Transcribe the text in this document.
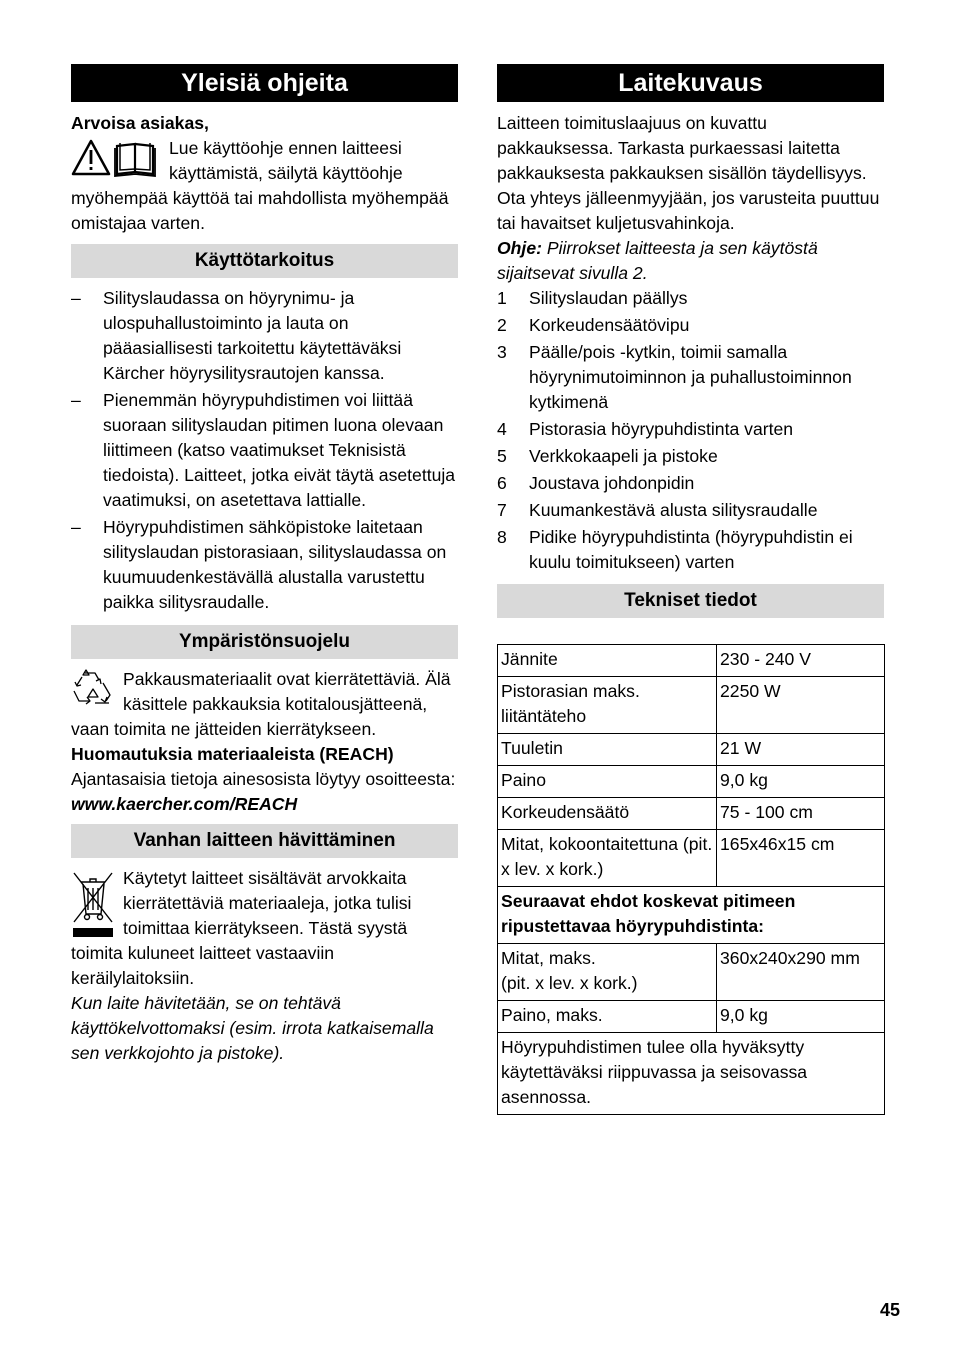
Yleisiä ohjeita

Arvoisa asiakas,

Lue käyttöohje ennen laitteesi käyttämistä, säilytä käyttöohje myöhempää käyttöä tai mahdollista myöhempää omistajaa varten.

Käyttötarkoitus
– Silityslaudassa on höyrynimu- ja ulospuhallustoiminto ja lauta on pääasiallisesti tarkoitettu käytettäväksi Kärcher höyrysilitysrautojen kanssa.
– Pienemmän höyrypuhdistimen voi liittää suoraan silityslaudan pitimen luona olevaan liittimeen (katso vaatimukset Teknisistä tiedoista). Laitteet, jotka eivät täytä asetettuja vaatimuksi, on asetettava lattialle.
– Höyrypuhdistimen sähköpistoke laitetaan silityslaudan pistorasiaan, silityslaudassa on kuumuudenkestävällä alustalla varustettu paikka silitysraudalle.
Ympäristönsuojelu

Pakkausmateriaalit ovat kierrätettäviä. Älä käsittele pakkauksia kotitalousjätteenä, vaan toimita ne jätteiden kierrätykseen.

Huomautuksia materiaaleista (REACH)

Ajantasaisia tietoja ainesosista löytyy osoitteesta:

www.kaercher.com/REACH

Vanhan laitteen hävittäminen

Käytetyt laitteet sisältävät arvokkaita kierrätettäviä materiaaleja, jotka tulisi toimittaa kierrätykseen. Tästä syystä toimita kuluneet laitteet vastaaviin keräilylaitoksiin.

Kun laite hävitetään, se on tehtävä käyttökelvottomaksi (esim. irrota katkaisemalla sen verkkojohto ja pistoke).

Laitekuvaus

Laitteen toimituslaajuus on kuvattu pakkauksessa. Tarkasta purkaessasi laitetta pakkauksesta pakkauksen sisällön täydellisyys.

Ota yhteys jälleenmyyjään, jos varusteita puuttuu tai havaitset kuljetusvahinkoja.

Ohje: Piirrokset laitteesta ja sen käytöstä sijaitsevat sivulla 2.

1 Silityslaudan päällys
2 Korkeudensäätövipu
3 Päälle/pois -kytkin, toimii samalla höyrynimutoiminnon ja puhallustoiminnon kytkimenä
4 Pistorasia höyrypuhdistinta varten
5 Verkkokaapeli ja pistoke
6 Joustava johdonpidin
7 Kuumankestävä alusta silitysraudalle
8 Pidike höyrypuhdistinta (höyrypuhdistin ei kuulu toimitukseen) varten
Tekniset tiedot
Jännite	230 - 240 V
Pistorasian maks. liitäntäteho	2250 W
Tuuletin	21 W
Paino	9,0 kg
Korkeudensäätö	75 - 100 cm
Mitat, kokoontaitettuna (pit. x lev. x kork.)	165x46x15 cm
Seuraavat ehdot koskevat pitimeen ripustettavaa höyrypuhdistinta:	
Mitat, maks.
(pit. x lev. x kork.)	360x240x290 mm
Paino, maks.	9,0 kg
Höyrypuhdistimen tulee olla hyväksytty käytettäväksi riippuvassa ja seisovassa asennossa.	
45
